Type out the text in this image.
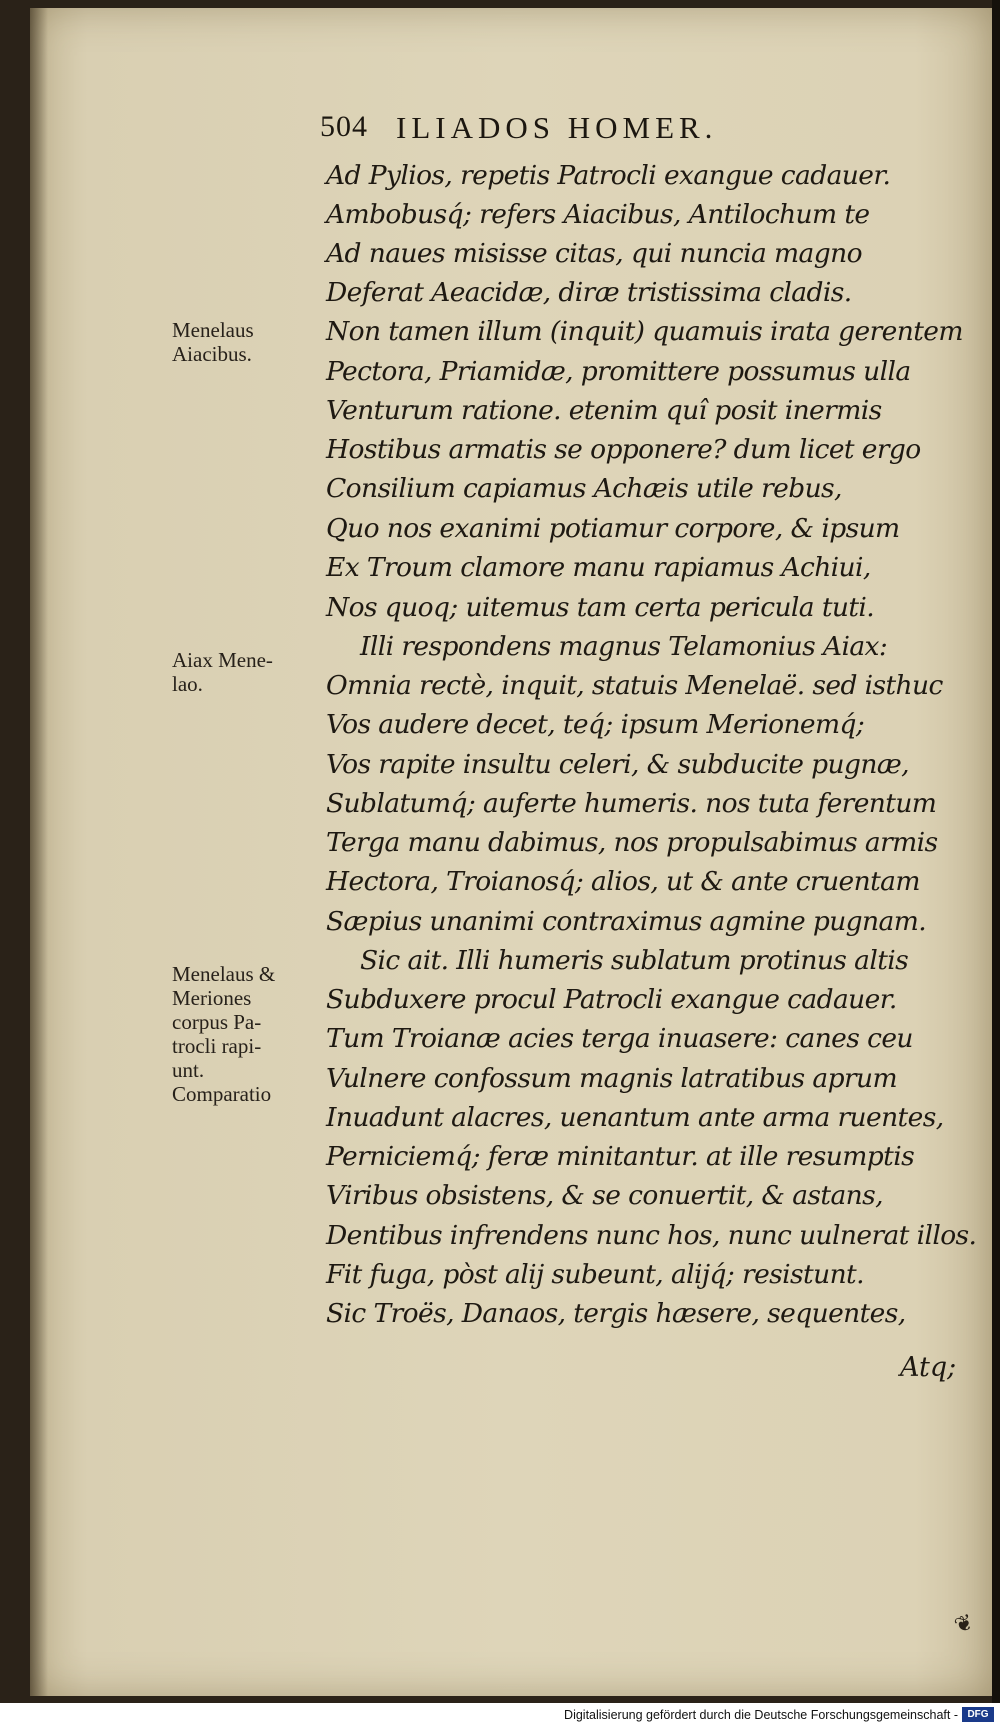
504 ILIADOS HOMER.
Ad Pylios, repetis Patrocli exangue cadauer.
Ambobusq́; refers Aiacibus, Antilochum te
Ad naues misisse citas, qui nuncia magno
Deferat Aeacidæ, diræ tristissima cladis.
Non tamen illum (inquit) quamuis irata gerentem
Pectora, Priamidæ, promittere possumus ulla
Venturum ratione. etenim quî posit inermis
Hostibus armatis se opponere? dum licet ergo
Consilium capiamus Achæis utile rebus,
Quo nos exanimi potiamur corpore, & ipsum
Ex Troum clamore manu rapiamus Achiui,
Nos quoq; uitemus tam certa pericula tuti.
Illi respondens magnus Telamonius Aiax:
Omnia rectè, inquit, statuis Menelaë. sed isthuc
Vos audere decet, teq́; ipsum Merionemq́;
Vos rapite insultu celeri, & subducite pugnæ,
Sublatumq́; auferte humeris. nos tuta ferentum
Terga manu dabimus, nos propulsabimus armis
Hectora, Troianosq́; alios, ut & ante cruentam
Sæpius unanimi contraximus agmine pugnam.
Sic ait. Illi humeris sublatum protinus altis
Subduxere procul Patrocli exangue cadauer.
Tum Troianæ acies terga inuasere: canes ceu
Vulnere confossum magnis latratibus aprum
Inuadunt alacres, uenantum ante arma ruentes,
Perniciemq́; feræ minitantur. at ille resumptis
Viribus obsistens, & se conuertit, & astans,
Dentibus infrendens nunc hos, nunc uulnerat illos.
Fit fuga, pòst alij subeunt, alijq́; resistunt.
Sic Troës, Danaos, tergis hæsere, sequentes,
Menelaus
Aiacibus.
Aiax Mene-
lao.
Menelaus &
Meriones
corpus Pa-
trocli rapi-
unt.
Comparatio
Atq;
❦
Digitalisierung gefördert durch die Deutsche Forschungsgemeinschaft - DFG
